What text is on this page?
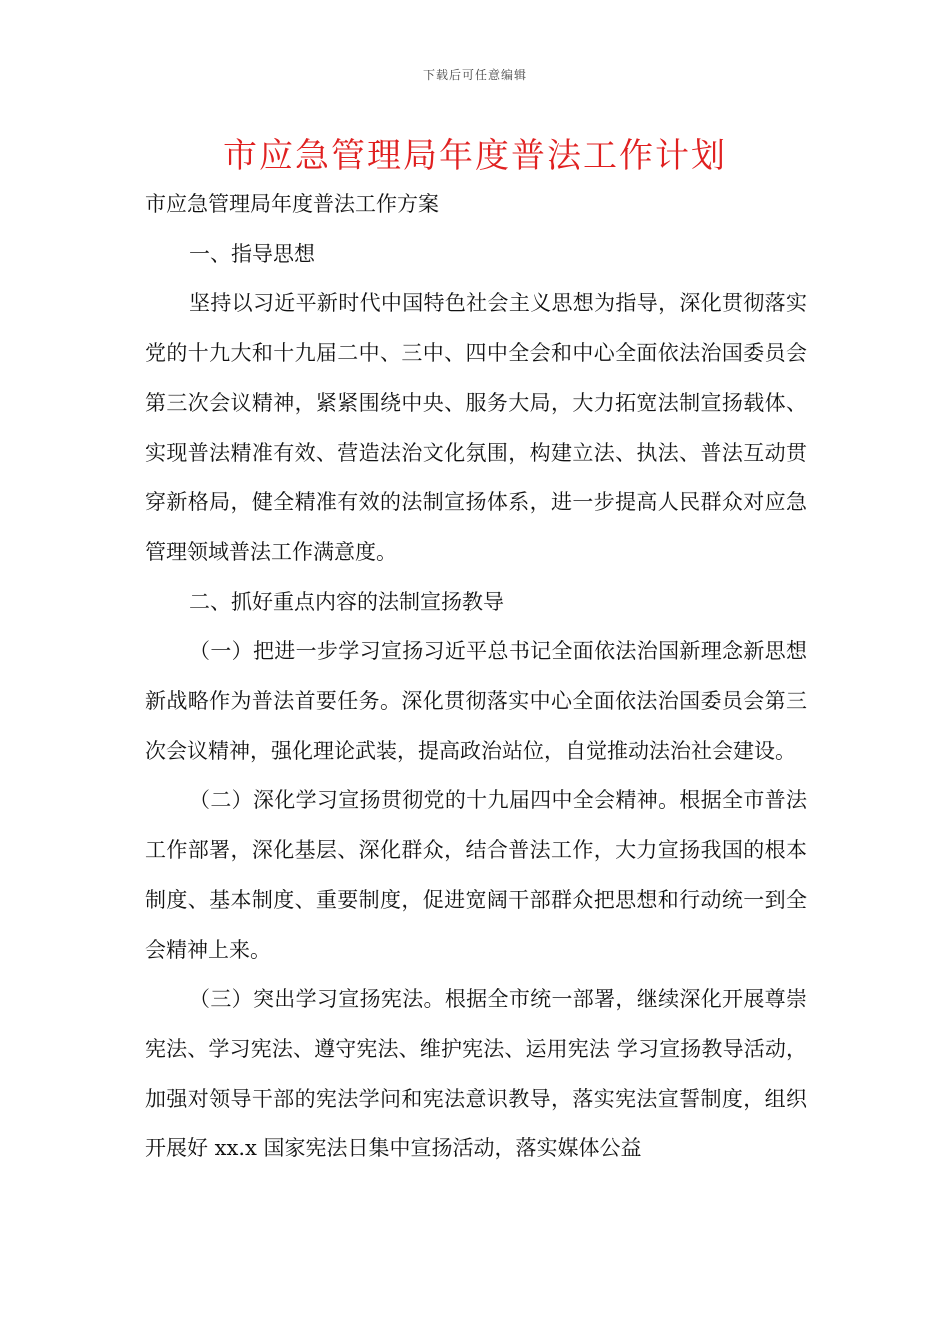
下载后可任意编辑
市应急管理局年度普法工作计划

市应急管理局年度普法工作方案

一、指导思想

坚持以习近平新时代中国特色社会主义思想为指导，深化贯彻落实党的十九大和十九届二中、三中、四中全会和中心全面依法治国委员会第三次会议精神，紧紧围绕中央、服务大局，大力拓宽法制宣扬载体、实现普法精准有效、营造法治文化氛围，构建立法、执法、普法互动贯穿新格局，健全精准有效的法制宣扬体系，进一步提高人民群众对应急管理领域普法工作满意度。

二、抓好重点内容的法制宣扬教导

（一）把进一步学习宣扬习近平总书记全面依法治国新理念新思想新战略作为普法首要任务。深化贯彻落实中心全面依法治国委员会第三次会议精神，强化理论武装，提高政治站位，自觉推动法治社会建设。

（二）深化学习宣扬贯彻党的十九届四中全会精神。根据全市普法工作部署，深化基层、深化群众，结合普法工作，大力宣扬我国的根本制度、基本制度、重要制度，促进宽阔干部群众把思想和行动统一到全会精神上来。

（三）突出学习宣扬宪法。根据全市统一部署，继续深化开展尊崇宪法、学习宪法、遵守宪法、维护宪法、运用宪法 学习宣扬教导活动，加强对领导干部的宪法学问和宪法意识教导，落实宪法宣誓制度，组织开展好 xx.x 国家宪法日集中宣扬活动，落实媒体公益
